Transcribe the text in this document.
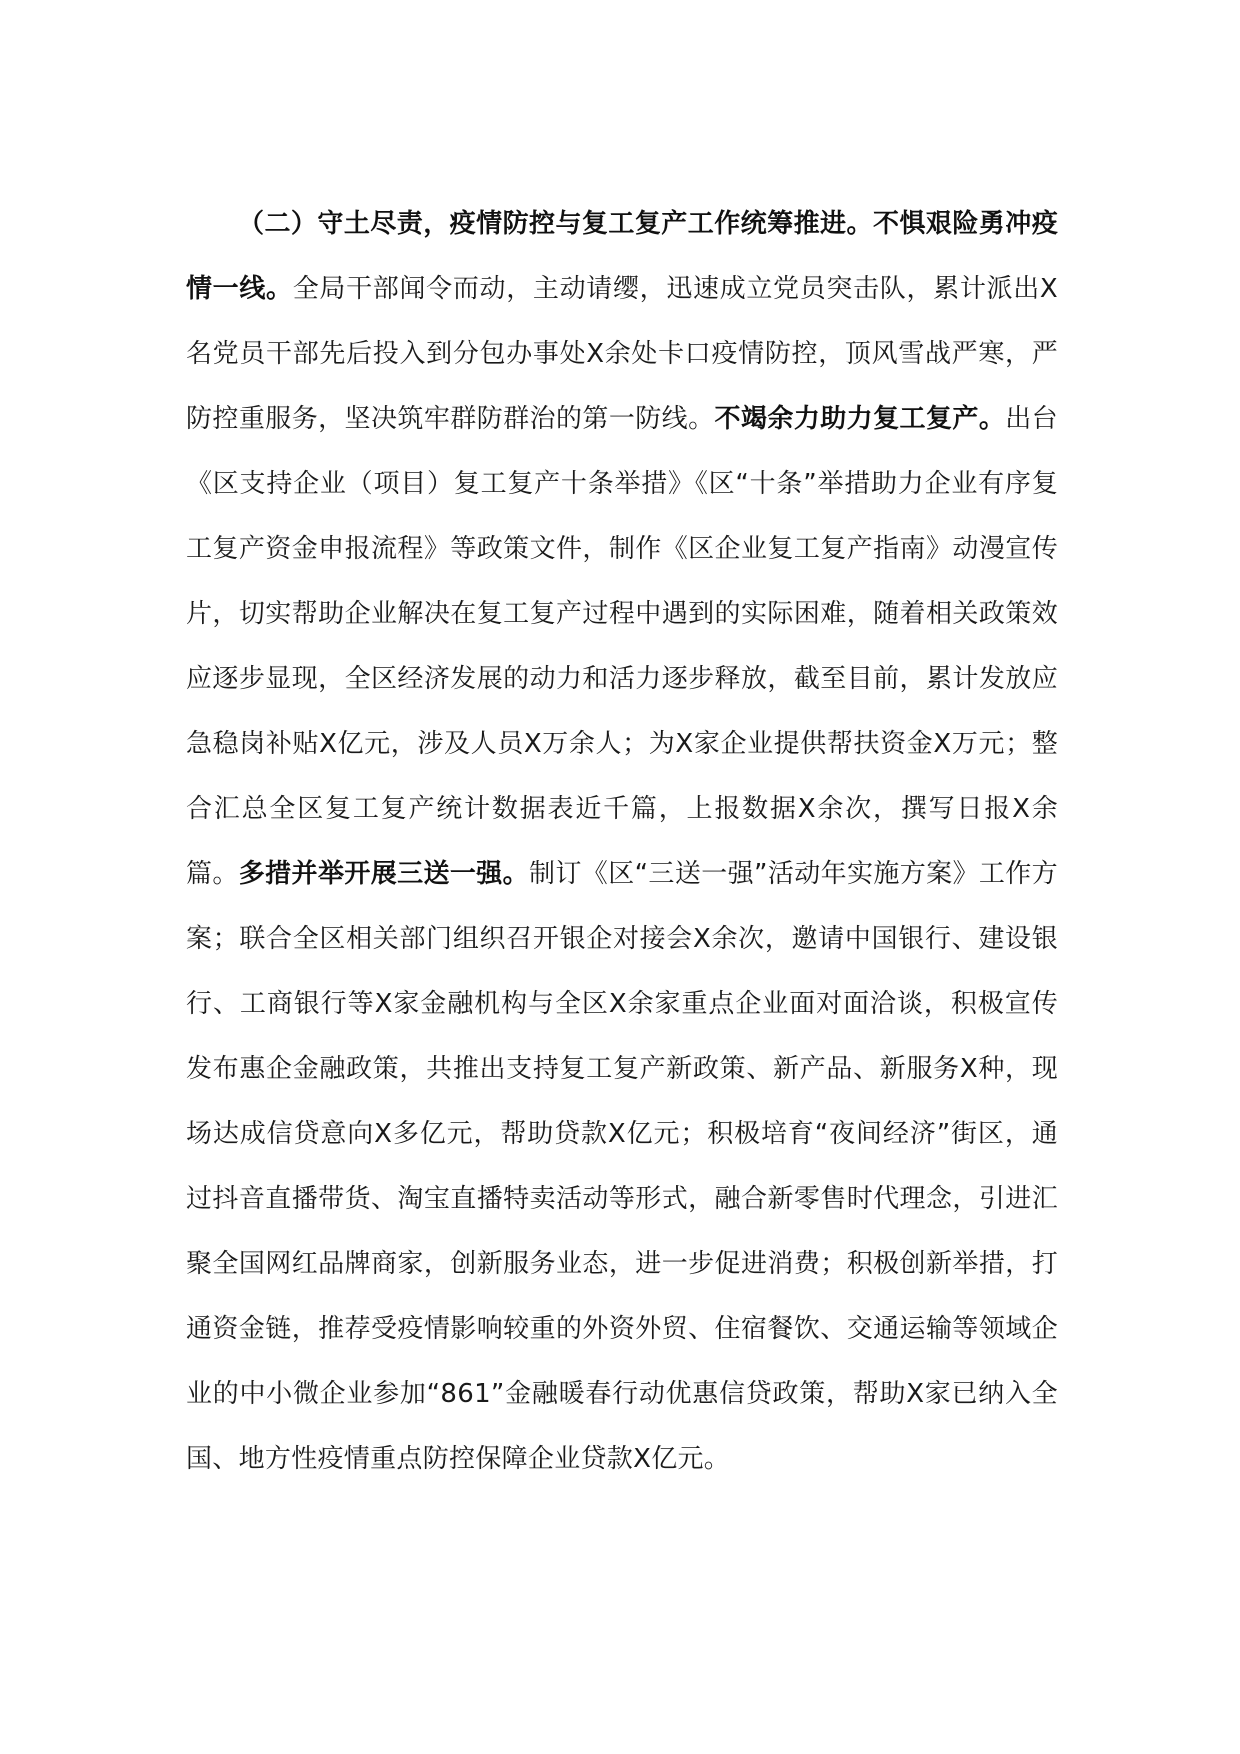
（二）守土尽责，疫情防控与复工复产工作统筹推进。不惧艰险勇冲疫情一线。全局干部闻令而动，主动请缨，迅速成立党员突击队，累计派出Ⅹ名党员干部先后投入到分包办事处Ⅹ余处卡口疫情防控，顶风雪战严寒，严防控重服务，坚决筑牢群防群治的第一防线。不竭余力助力复工复产。出台《区支持企业（项目）复工复产十条举措》《区“十条”举措助力企业有序复工复产资金申报流程》等政策文件，制作《区企业复工复产指南》动漫宣传片，切实帮助企业解决在复工复产过程中遇到的实际困难，随着相关政策效应逐步显现，全区经济发展的动力和活力逐步释放，截至目前，累计发放应急稳岗补贴Ⅹ亿元，涉及人员Ⅹ万余人；为Ⅹ家企业提供帮扶资金Ⅹ万元；整合汇总全区复工复产统计数据表近千篇，上报数据Ⅹ余次，撰写日报Ⅹ余篇。多措并举开展三送一强。制订《区“三送一强”活动年实施方案》工作方案；联合全区相关部门组织召开银企对接会Ⅹ余次，邀请中国银行、建设银行、工商银行等Ⅹ家金融机构与全区Ⅹ余家重点企业面对面洽谈，积极宣传发布惠企金融政策，共推出支持复工复产新政策、新产品、新服务Ⅹ种，现场达成信贷意向Ⅹ多亿元，帮助贷款Ⅹ亿元；积极培育“夜间经济”街区，通过抖音直播带货、淘宝直播特卖活动等形式，融合新零售时代理念，引进汇聚全国网红品牌商家，创新服务业态，进一步促进消费；积极创新举措，打通资金链，推荐受疫情影响较重的外资外贸、住宿餐饮、交通运输等领域企业的中小微企业参加“861”金融暖春行动优惠信贷政策，帮助Ⅹ家已纳入全国、地方性疫情重点防控保障企业贷款Ⅹ亿元。
